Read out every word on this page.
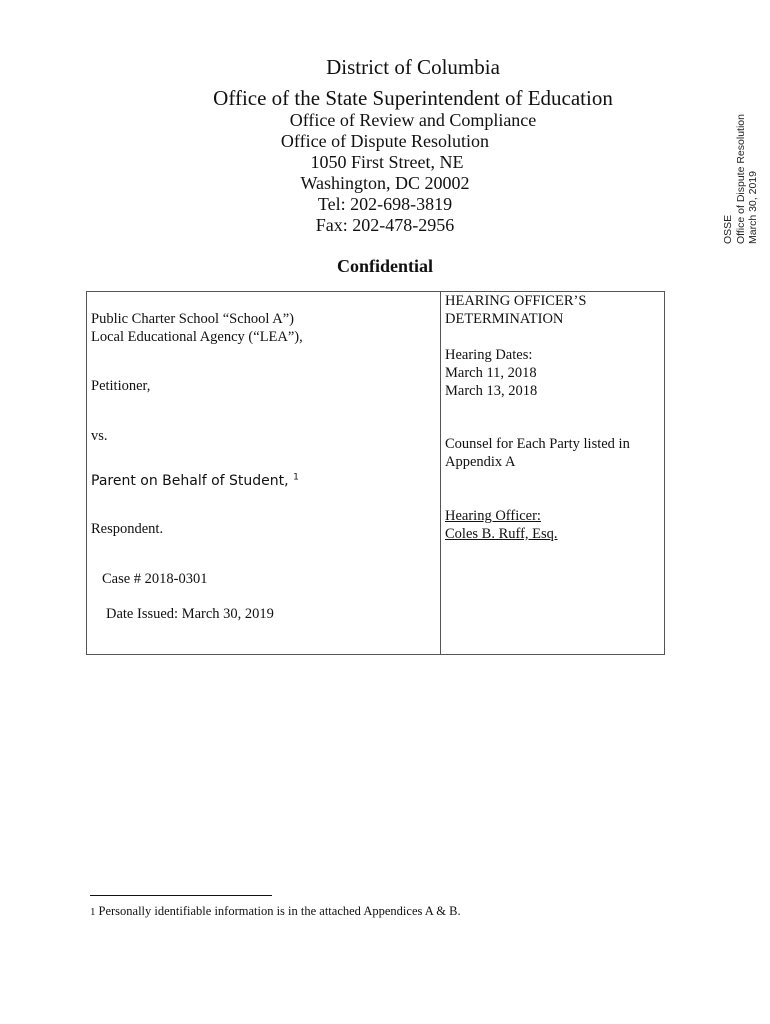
District of Columbia
Office of the State Superintendent of Education
Office of Review and Compliance
Office of Dispute Resolution
1050 First Street, NE
Washington, DC 20002
Tel: 202-698-3819
Fax: 202-478-2956
Confidential
OSSE Office of Dispute Resolution March 30, 2019
Public Charter School “School A”)
Local Educational Agency (“LEA”),
Petitioner,
vs.
Parent on Behalf of Student, $^1$
Respondent.
Case # 2018-0301
Date Issued: March 30, 2019
HEARING OFFICER’S
DETERMINATION
Hearing Dates:
March 11, 2018
March 13, 2018
Counsel for Each Party listed in
Appendix A
Hearing Officer:
Coles B. Ruff, Esq.
1 Personally identifiable information is in the attached Appendices A & B.
